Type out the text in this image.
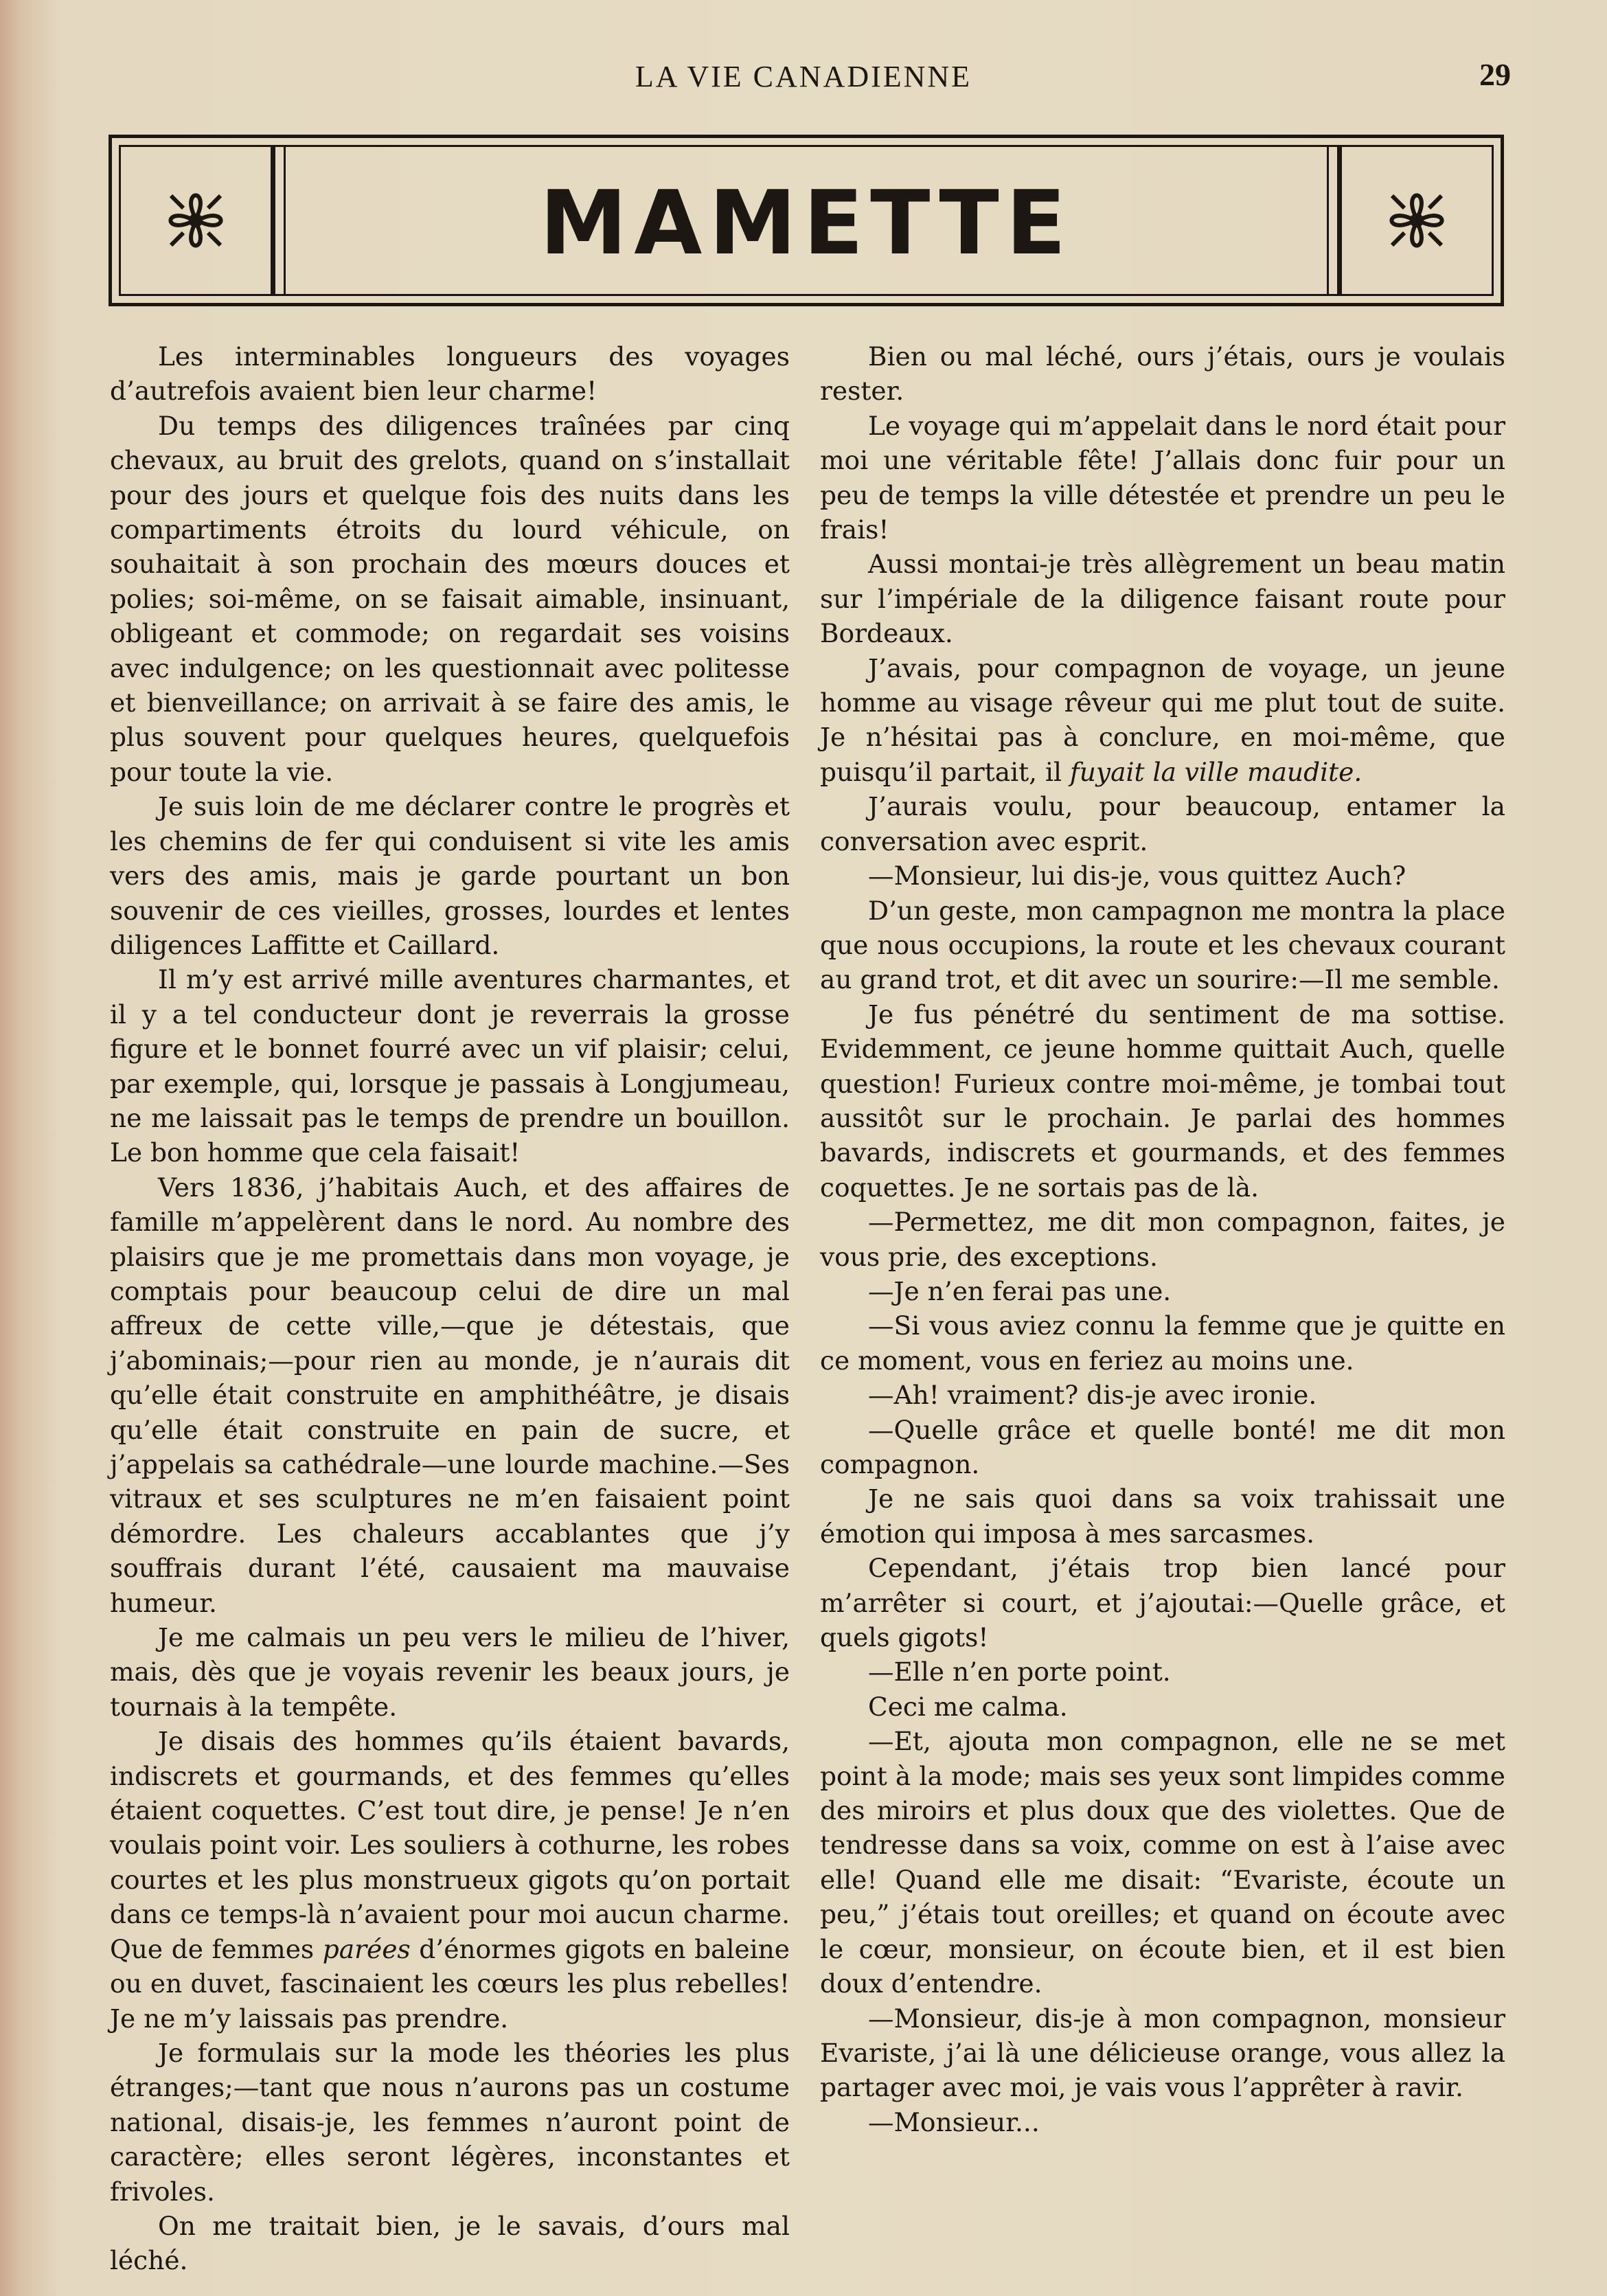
LA VIE CANADIENNE	29
MAMETTE

Les interminables longueurs des voyages d’autrefois avaient bien leur charme!

Du temps des diligences traînées par cinq chevaux, au bruit des grelots, quand on s’installait pour des jours et quelque fois des nuits dans les compartiments étroits du lourd véhicule, on souhaitait à son prochain des mœurs douces et polies; soi-même, on se faisait aimable, insinuant, obligeant et commode; on regardait ses voisins avec indulgence; on les questionnait avec politesse et bienveillance; on arrivait à se faire des amis, le plus souvent pour quelques heures, quelquefois pour toute la vie.

Je suis loin de me déclarer contre le progrès et les chemins de fer qui conduisent si vite les amis vers des amis, mais je garde pourtant un bon souvenir de ces vieilles, grosses, lourdes et lentes diligences Laffitte et Caillard.

Il m’y est arrivé mille aventures charmantes, et il y a tel conducteur dont je reverrais la grosse figure et le bonnet fourré avec un vif plaisir; celui, par exemple, qui, lorsque je passais à Longjumeau, ne me laissait pas le temps de prendre un bouillon. Le bon homme que cela faisait!

Vers 1836, j’habitais Auch, et des affaires de famille m’appelèrent dans le nord. Au nombre des plaisirs que je me promettais dans mon voyage, je comptais pour beaucoup celui de dire un mal affreux de cette ville,—que je détestais, que j’abominais;—pour rien au monde, je n’aurais dit qu’elle était construite en amphithéâtre, je disais qu’elle était construite en pain de sucre, et j’appelais sa cathédrale—une lourde machine.—Ses vitraux et ses sculptures ne m’en faisaient point démordre. Les chaleurs accablantes que j’y souffrais durant l’été, causaient ma mauvaise humeur.

Je me calmais un peu vers le milieu de l’hiver, mais, dès que je voyais revenir les beaux jours, je tournais à la tempête.

Je disais des hommes qu’ils étaient bavards, indiscrets et gourmands, et des femmes qu’elles étaient coquettes. C’est tout dire, je pense! Je n’en voulais point voir. Les souliers à cothurne, les robes courtes et les plus monstrueux gigots qu’on portait dans ce temps-là n’avaient pour moi aucun charme. Que de femmes parées d’énormes gigots en baleine ou en duvet, fascinaient les cœurs les plus rebelles! Je ne m’y laissais pas prendre.

Je formulais sur la mode les théories les plus étranges;—tant que nous n’aurons pas un costume national, disais-je, les femmes n’auront point de caractère; elles seront légères, inconstantes et frivoles.

On me traitait bien, je le savais, d’ours mal léché.

Bien ou mal léché, ours j’étais, ours je voulais rester.

Le voyage qui m’appelait dans le nord était pour moi une véritable fête! J’allais donc fuir pour un peu de temps la ville détestée et prendre un peu le frais!

Aussi montai-je très allègrement un beau matin sur l’impériale de la diligence faisant route pour Bordeaux.

J’avais, pour compagnon de voyage, un jeune homme au visage rêveur qui me plut tout de suite. Je n’hésitai pas à conclure, en moi-même, que puisqu’il partait, il fuyait la ville maudite.

J’aurais voulu, pour beaucoup, entamer la conversation avec esprit.

—Monsieur, lui dis-je, vous quittez Auch?

D’un geste, mon campagnon me montra la place que nous occupions, la route et les chevaux courant au grand trot, et dit avec un sourire:—Il me semble.

Je fus pénétré du sentiment de ma sottise. Evidemment, ce jeune homme quittait Auch, quelle question! Furieux contre moi-même, je tombai tout aussitôt sur le prochain. Je parlai des hommes bavards, indiscrets et gourmands, et des femmes coquettes. Je ne sortais pas de là.

—Permettez, me dit mon compagnon, faites, je vous prie, des exceptions.

—Je n’en ferai pas une.

—Si vous aviez connu la femme que je quitte en ce moment, vous en feriez au moins une.

—Ah! vraiment? dis-je avec ironie.

—Quelle grâce et quelle bonté! me dit mon compagnon.

Je ne sais quoi dans sa voix trahissait une émotion qui imposa à mes sarcasmes.

Cependant, j’étais trop bien lancé pour m’arrêter si court, et j’ajoutai:—Quelle grâce, et quels gigots!

—Elle n’en porte point.

Ceci me calma.

—Et, ajouta mon compagnon, elle ne se met point à la mode; mais ses yeux sont limpides comme des miroirs et plus doux que des violettes. Que de tendresse dans sa voix, comme on est à l’aise avec elle! Quand elle me disait: “Evariste, écoute un peu,” j’étais tout oreilles; et quand on écoute avec le cœur, monsieur, on écoute bien, et il est bien doux d’entendre.

—Monsieur, dis-je à mon compagnon, monsieur Evariste, j’ai là une délicieuse orange, vous allez la partager avec moi, je vais vous l’apprêter à ravir.

—Monsieur...
